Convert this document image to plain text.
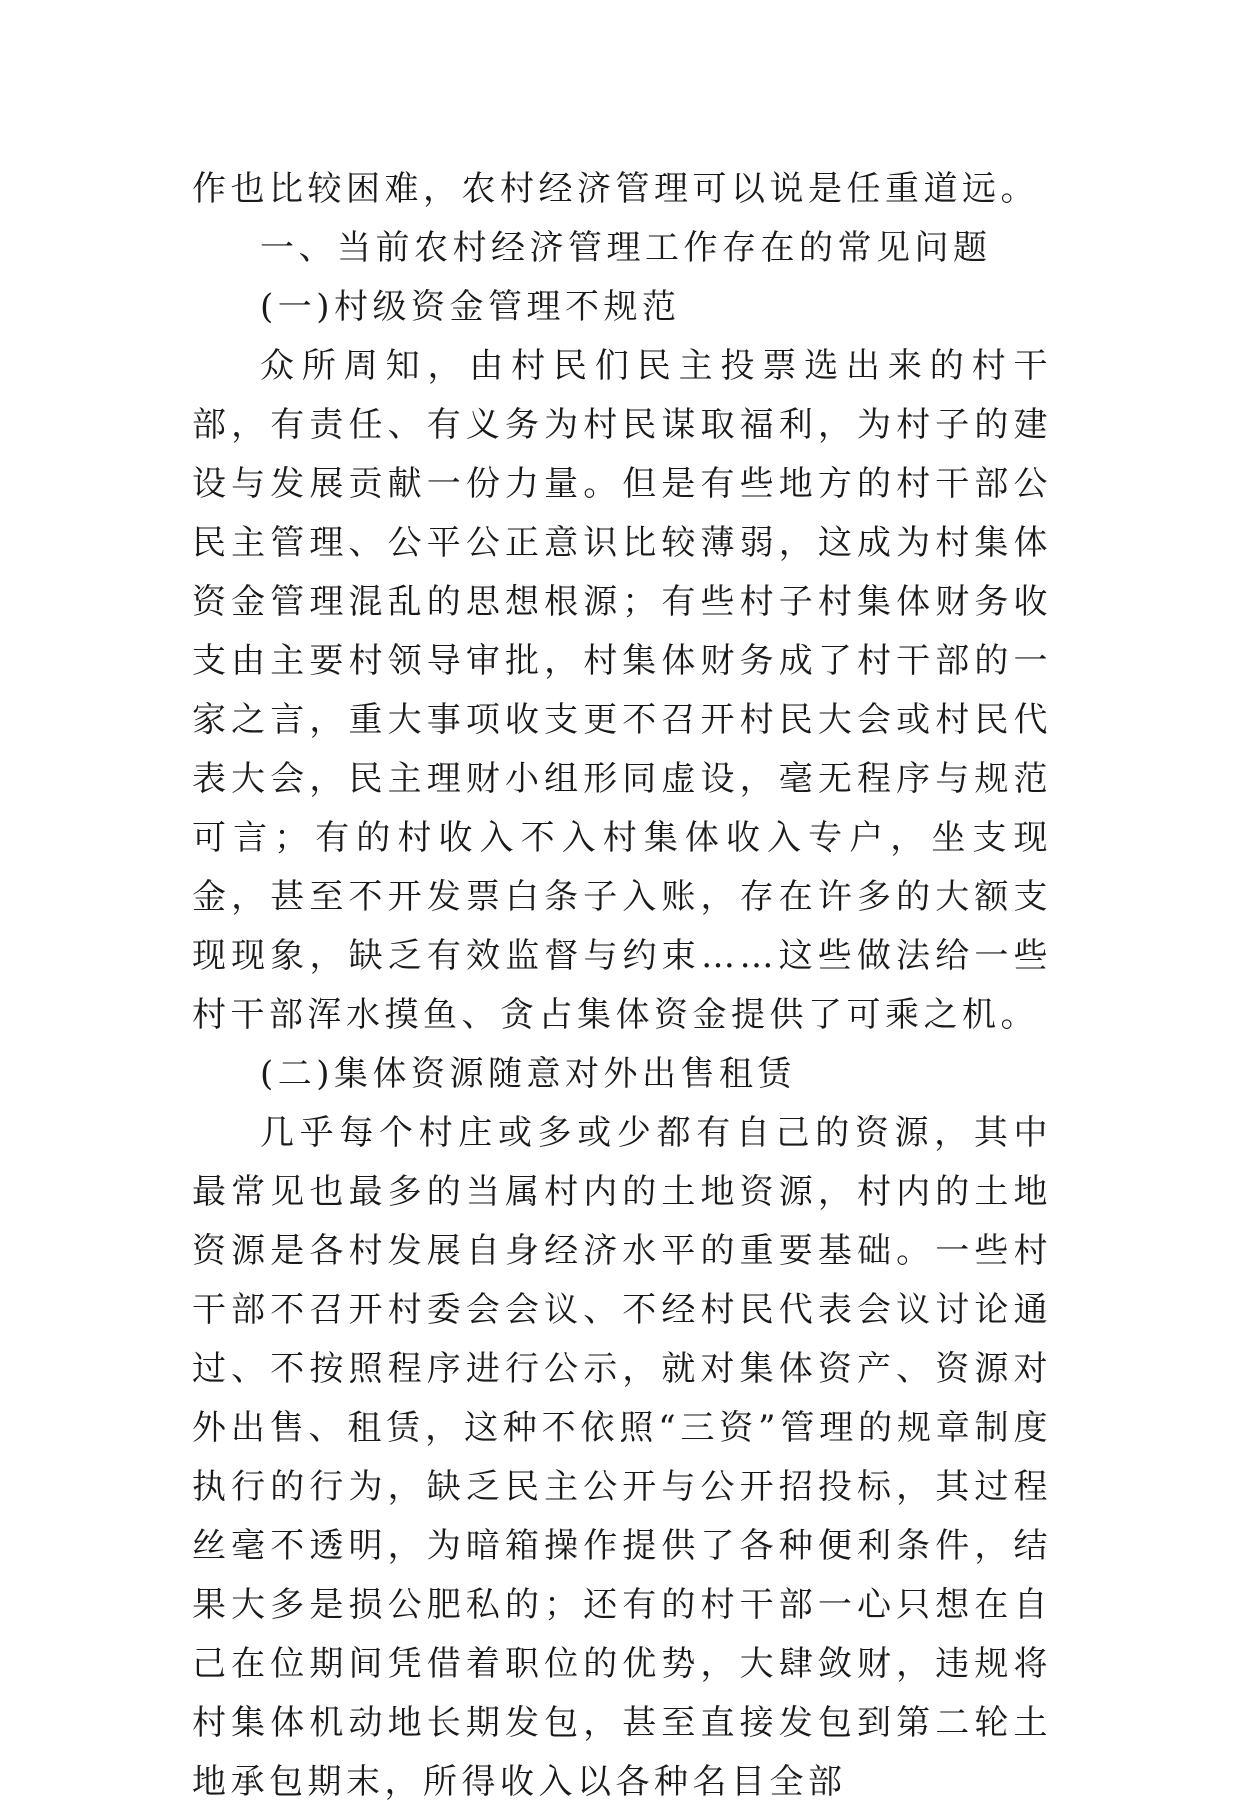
作也比较困难，农村经济管理可以说是任重道远。

一、当前农村经济管理工作存在的常见问题

(一)村级资金管理不规范

众所周知，由村民们民主投票选出来的村干部，有责任、有义务为村民谋取福利，为村子的建设与发展贡献一份力量。但是有些地方的村干部公民主管理、公平公正意识比较薄弱，这成为村集体资金管理混乱的思想根源；有些村子村集体财务收支由主要村领导审批，村集体财务成了村干部的一家之言，重大事项收支更不召开村民大会或村民代表大会，民主理财小组形同虚设，毫无程序与规范可言；有的村收入不入村集体收入专户，坐支现金，甚至不开发票白条子入账，存在许多的大额支现现象，缺乏有效监督与约束……这些做法给一些村干部浑水摸鱼、贪占集体资金提供了可乘之机。

(二)集体资源随意对外出售租赁

几乎每个村庄或多或少都有自己的资源，其中最常见也最多的当属村内的土地资源，村内的土地资源是各村发展自身经济水平的重要基础。一些村干部不召开村委会会议、不经村民代表会议讨论通过、不按照程序进行公示，就对集体资产、资源对外出售、租赁，这种不依照“三资”管理的规章制度执行的行为，缺乏民主公开与公开招投标，其过程丝毫不透明，为暗箱操作提供了各种便利条件，结果大多是损公肥私的；还有的村干部一心只想在自己在位期间凭借着职位的优势，大肆敛财，违规将村集体机动地长期发包，甚至直接发包到第二轮土地承包期末，所得收入以各种名目全部
